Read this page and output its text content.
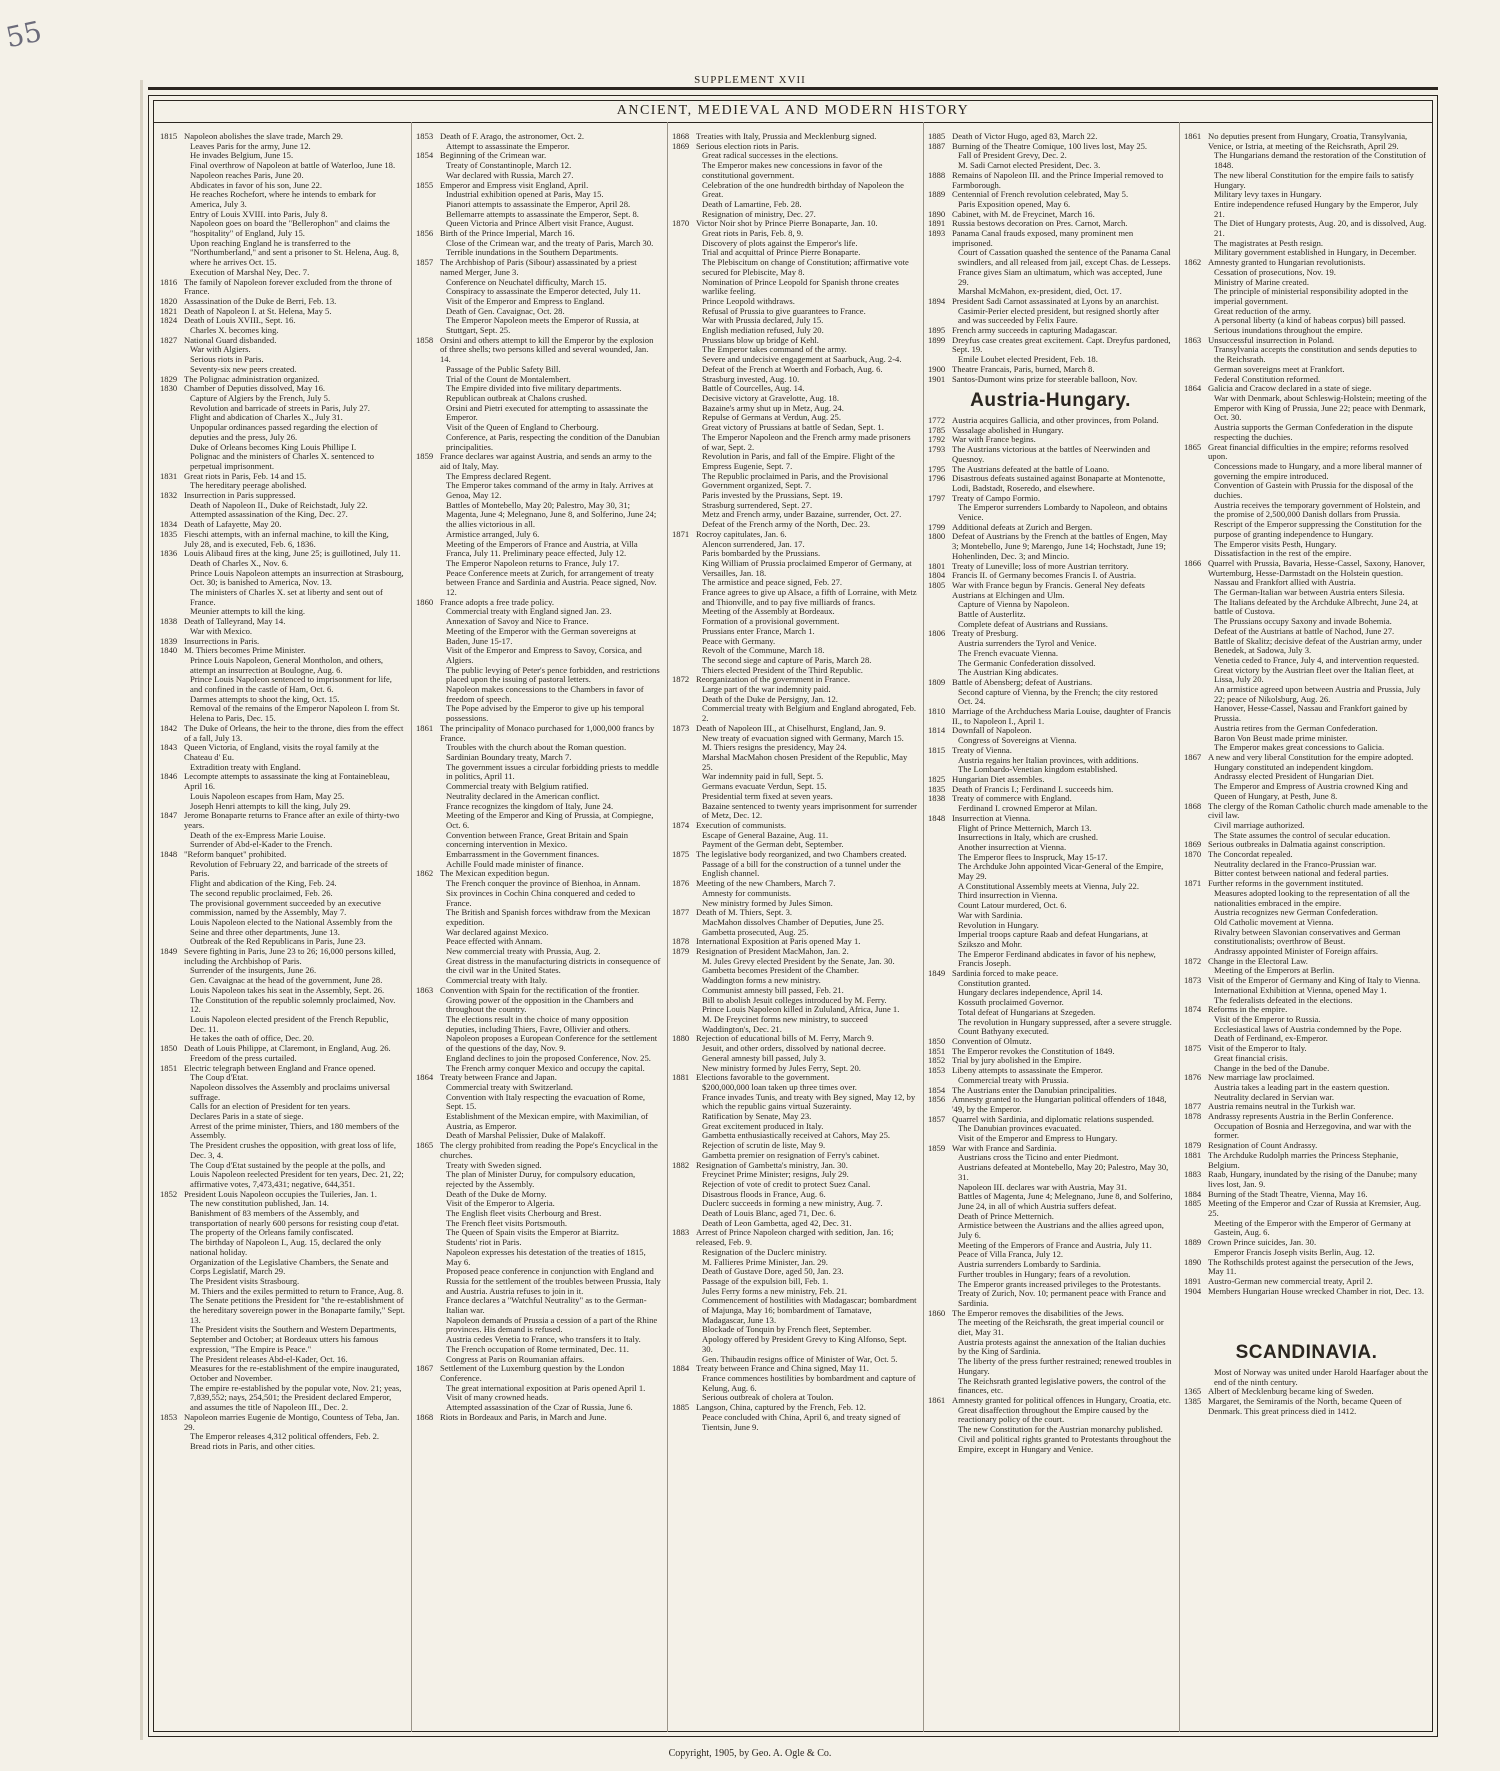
55
SUPPLEMENT XVII
ANCIENT, MEDIEVAL AND MODERN HISTORY
1815 Napoleon abolishes the slave trade, March 29.
Leaves Paris for the army, June 12.
He invades Belgium, June 15.
Final overthrow of Napoleon at battle of Waterloo, June 18.
Napoleon reaches Paris, June 20.
Abdicates in favor of his son, June 22.
He reaches Rochefort, where he intends to embark for America, July 3.
Entry of Louis XVIII. into Paris, July 8.
Napoleon goes on board the "Bellerophon" and claims the "hospitality" of England, July 15.
Upon reaching England he is transferred to the "Northumberland," and sent a prisoner to St. Helena, Aug. 8, where he arrives Oct. 15.
Execution of Marshal Ney, Dec. 7.
1816 The family of Napoleon forever excluded from the throne of France.
1820 Assassination of the Duke de Berri, Feb. 13.
1821 Death of Napoleon I. at St. Helena, May 5.
1824 Death of Louis XVIII., Sept. 16.
Charles X. becomes king.
1827 National Guard disbanded.
War with Algiers.
Serious riots in Paris.
Seventy-six new peers created.
1829 The Polignac administration organized.
1830 Chamber of Deputies dissolved, May 16.
Capture of Algiers by the French, July 5.
Revolution and barricade of streets in Paris, July 27.
Flight and abdication of Charles X., July 31.
Unpopular ordinances passed regarding the election of deputies and the press, July 26.
Duke of Orleans becomes King Louis Phillipe I.
Polignac and the ministers of Charles X. sentenced to perpetual imprisonment.
1831 Great riots in Paris, Feb. 14 and 15.
The hereditary peerage abolished.
1832 Insurrection in Paris suppressed.
Death of Napoleon II., Duke of Reichstadt, July 22.
Attempted assassination of the King, Dec. 27.
1834 Death of Lafayette, May 20.
1835 Fieschi attempts, with an infernal machine, to kill the King, July 28, and is executed, Feb. 6, 1836.
1836 Louis Alibaud fires at the king, June 25; is guillotined, July 11.
Death of Charles X., Nov. 6.
Prince Louis Napoleon attempts an insurrection at Strasbourg, Oct. 30; is banished to America, Nov. 13.
The ministers of Charles X. set at liberty and sent out of France.
Meunier attempts to kill the king.
1838 Death of Talleyrand, May 14.
War with Mexico.
1839 Insurrections in Paris.
1840 M. Thiers becomes Prime Minister.
Prince Louis Napoleon, General Montholon, and others, attempt an insurrection at Boulogne, Aug. 6.
Prince Louis Napoleon sentenced to imprisonment for life, and confined in the castle of Ham, Oct. 6.
Darmes attempts to shoot the king, Oct. 15.
Removal of the remains of the Emperor Napoleon I. from St. Helena to Paris, Dec. 15.
1842 The Duke of Orleans, the heir to the throne, dies from the effect of a fall, July 13.
1843 Queen Victoria, of England, visits the royal family at the Chateau d' Eu.
Extradition treaty with England.
1846 Lecompte attempts to assassinate the king at Fontainebleau, April 16.
Louis Napoleon escapes from Ham, May 25.
Joseph Henri attempts to kill the king, July 29.
1847 Jerome Bonaparte returns to France after an exile of thirty-two years.
Death of the ex-Empress Marie Louise.
Surrender of Abd-el-Kader to the French.
1848 "Reform banquet" prohibited.
Revolution of February 22, and barricade of the streets of Paris.
Flight and abdication of the King, Feb. 24.
The second republic proclaimed, Feb. 26.
The provisional government succeeded by an executive commission, named by the Assembly, May 7.
Louis Napoleon elected to the National Assembly from the Seine and three other departments, June 13.
Outbreak of the Red Republicans in Paris, June 23.
1849 Severe fighting in Paris, June 23 to 26; 16,000 persons killed, including the Archbishop of Paris.
Surrender of the insurgents, June 26.
Gen. Cavaignac at the head of the government, June 28.
Louis Napoleon takes his seat in the Assembly, Sept. 26.
The Constitution of the republic solemnly proclaimed, Nov. 12.
Louis Napoleon elected president of the French Republic, Dec. 11.
He takes the oath of office, Dec. 20.
1850 Death of Louis Philippe, at Claremont, in England, Aug. 26.
Freedom of the press curtailed.
1851 Electric telegraph between England and France opened.
The Coup d'Etat.
Napoleon dissolves the Assembly and proclaims universal suffrage.
Calls for an election of President for ten years.
Declares Paris in a state of siege.
Arrest of the prime minister, Thiers, and 180 members of the Assembly.
The President crushes the opposition, with great loss of life, Dec. 3, 4.
The Coup d'Etat sustained by the people at the polls, and Louis Napoleon reelected President for ten years, Dec. 21, 22; affirmative votes, 7,473,431; negative, 644,351.
1852 President Louis Napoleon occupies the Tuileries, Jan. 1.
The new constitution published, Jan. 14.
Banishment of 83 members of the Assembly, and transportation of nearly 600 persons for resisting coup d'etat.
The property of the Orleans family confiscated.
The birthday of Napoleon I., Aug. 15, declared the only national holiday.
Organization of the Legislative Chambers, the Senate and Corps Legislatif, March 29.
The President visits Strasbourg.
M. Thiers and the exiles permitted to return to France, Aug. 8.
The Senate petitions the President for "the re-establishment of the hereditary sovereign power in the Bonaparte family," Sept. 13.
The President visits the Southern and Western Departments, September and October; at Bordeaux utters his famous expression, "The Empire is Peace."
The President releases Abd-el-Kader, Oct. 16.
Measures for the re-establishment of the empire inaugurated, October and November.
The empire re-established by the popular vote, Nov. 21; yeas, 7,839,552; nays, 254,501; the President declared Emperor, and assumes the title of Napoleon III., Dec. 2.
1853 Napoleon marries Eugenie de Montigo, Countess of Teba, Jan. 29.
The Emperor releases 4,312 political offenders, Feb. 2.
Bread riots in Paris, and other cities.
1853 Death of F. Arago, the astronomer, Oct. 2.
Attempt to assassinate the Emperor.
1854 Beginning of the Crimean war.
Treaty of Constantinople, March 12.
War declared with Russia, March 27.
1855 Emperor and Empress visit England, April.
Industrial exhibition opened at Paris, May 15.
Pianori attempts to assassinate the Emperor, April 28.
Bellemarre attempts to assassinate the Emperor, Sept. 8.
Queen Victoria and Prince Albert visit France, August.
1856 Birth of the Prince Imperial, March 16.
Close of the Crimean war, and the treaty of Paris, March 30.
Terrible inundations in the Southern Departments.
1857 The Archbishop of Paris (Sibour) assassinated by a priest named Merger, June 3.
Conference on Neuchatel difficulty, March 15.
Conspiracy to assassinate the Emperor detected, July 11.
Visit of the Emperor and Empress to England.
Death of Gen. Cavaignac, Oct. 28.
The Emperor Napoleon meets the Emperor of Russia, at Stuttgart, Sept. 25.
1858 Orsini and others attempt to kill the Emperor by the explosion of three shells; two persons killed and several wounded, Jan. 14.
Passage of the Public Safety Bill.
Trial of the Count de Montalembert.
The Empire divided into five military departments.
Republican outbreak at Chalons crushed.
Orsini and Pietri executed for attempting to assassinate the Emperor.
Visit of the Queen of England to Cherbourg.
Conference, at Paris, respecting the condition of the Danubian principalities.
1859 France declares war against Austria, and sends an army to the aid of Italy, May.
The Empress declared Regent.
The Emperor takes command of the army in Italy. Arrives at Genoa, May 12.
Battles of Montebello, May 20; Palestro, May 30, 31; Magenta, June 4; Melegnano, June 8, and Solferino, June 24; the allies victorious in all.
Armistice arranged, July 6.
Meeting of the Emperors of France and Austria, at Villa Franca, July 11. Preliminary peace effected, July 12.
The Emperor Napoleon returns to France, July 17.
Peace Conference meets at Zurich, for arrangement of treaty between France and Sardinia and Austria. Peace signed, Nov. 12.
1860 France adopts a free trade policy.
Commercial treaty with England signed Jan. 23.
Annexation of Savoy and Nice to France.
Meeting of the Emperor with the German sovereigns at Baden, June 15-17.
Visit of the Emperor and Empress to Savoy, Corsica, and Algiers.
The public levying of Peter's pence forbidden, and restrictions placed upon the issuing of pastoral letters.
Napoleon makes concessions to the Chambers in favor of freedom of speech.
The Pope advised by the Emperor to give up his temporal possessions.
1861 The principality of Monaco purchased for 1,000,000 francs by France.
Troubles with the church about the Roman question.
Sardinian Boundary treaty, March 7.
The government issues a circular forbidding priests to meddle in politics, April 11.
Commercial treaty with Belgium ratified.
Neutrality declared in the American conflict.
France recognizes the kingdom of Italy, June 24.
Meeting of the Emperor and King of Prussia, at Compiegne, Oct. 6.
Convention between France, Great Britain and Spain concerning intervention in Mexico.
Embarrassment in the Government finances.
Achille Fould made minister of finance.
1862 The Mexican expedition begun.
The French conquer the province of Bienhoa, in Annam.
Six provinces in Cochin China conquered and ceded to France.
The British and Spanish forces withdraw from the Mexican expedition.
War declared against Mexico.
Peace effected with Annam.
New commercial treaty with Prussia, Aug. 2.
Great distress in the manufacturing districts in consequence of the civil war in the United States.
Commercial treaty with Italy.
1863 Convention with Spain for the rectification of the frontier.
Growing power of the opposition in the Chambers and throughout the country.
The elections result in the choice of many opposition deputies, including Thiers, Favre, Ollivier and others.
Napoleon proposes a European Conference for the settlement of the questions of the day, Nov. 9.
England declines to join the proposed Conference, Nov. 25. The French army conquer Mexico and occupy the capital.
1864 Treaty between France and Japan.
Commercial treaty with Switzerland.
Convention with Italy respecting the evacuation of Rome, Sept. 15.
Establishment of the Mexican empire, with Maximilian, of Austria, as Emperor.
Death of Marshal Pelissier, Duke of Malakoff.
1865 The clergy prohibited from reading the Pope's Encyclical in the churches.
Treaty with Sweden signed.
The plan of Minister Duruy, for compulsory education, rejected by the Assembly.
Death of the Duke de Morny.
Visit of the Emperor to Algeria.
The English fleet visits Cherbourg and Brest.
The French fleet visits Portsmouth.
The Queen of Spain visits the Emperor at Biarritz.
Students' riot in Paris.
Napoleon expresses his detestation of the treaties of 1815, May 6.
Proposed peace conference in conjunction with England and Russia for the settlement of the troubles between Prussia, Italy and Austria. Austria refuses to join in it.
France declares a "Watchful Neutrality" as to the German-Italian war.
Napoleon demands of Prussia a cession of a part of the Rhine provinces. His demand is refused.
Austria cedes Venetia to France, who transfers it to Italy.
The French occupation of Rome terminated, Dec. 11.
Congress at Paris on Roumanian affairs.
1867 Settlement of the Luxemburg question by the London Conference.
The great international exposition at Paris opened April 1. Visit of many crowned heads.
Attempted assassination of the Czar of Russia, June 6.
1868 Riots in Bordeaux and Paris, in March and June.
1868 Treaties with Italy, Prussia and Mecklenburg signed.
1869 Serious election riots in Paris.
Great radical successes in the elections.
The Emperor makes new concessions in favor of the constitutional government.
Celebration of the one hundredth birthday of Napoleon the Great.
Death of Lamartine, Feb. 28.
Resignation of ministry, Dec. 27.
1870 Victor Noir shot by Prince Pierre Bonaparte, Jan. 10.
Great riots in Paris, Feb. 8, 9.
Discovery of plots against the Emperor's life.
Trial and acquittal of Prince Pierre Bonaparte.
The Plebiscitum on change of Constitution; affirmative vote secured for Plebiscite, May 8.
Nomination of Prince Leopold for Spanish throne creates warlike feeling.
Prince Leopold withdraws.
Refusal of Prussia to give guarantees to France.
War with Prussia declared, July 15.
English mediation refused, July 20.
Prussians blow up bridge of Kehl.
The Emperor takes command of the army.
Severe and undecisive engagement at Saarbuck, Aug. 2-4.
Defeat of the French at Woerth and Forbach, Aug. 6.
Strasburg invested, Aug. 10.
Battle of Courcelles, Aug. 14.
Decisive victory at Gravelotte, Aug. 18.
Bazaine's army shut up in Metz, Aug. 24.
Repulse of Germans at Verdun, Aug. 25.
Great victory of Prussians at battle of Sedan, Sept. 1.
The Emperor Napoleon and the French army made prisoners of war, Sept. 2.
Revolution in Paris, and fall of the Empire. Flight of the Empress Eugenie, Sept. 7.
The Republic proclaimed in Paris, and the Provisional Government organized, Sept. 7.
Paris invested by the Prussians, Sept. 19.
Strasburg surrendered, Sept. 27.
Metz and French army, under Bazaine, surrender, Oct. 27.
Defeat of the French army of the North, Dec. 23.
1871 Rocroy capitulates, Jan. 6.
Alencon surrendered, Jan. 17.
Paris bombarded by the Prussians.
King William of Prussia proclaimed Emperor of Germany, at Versailles, Jan. 18.
The armistice and peace signed, Feb. 27.
France agrees to give up Alsace, a fifth of Lorraine, with Metz and Thionville, and to pay five milliards of francs.
Meeting of the Assembly at Bordeaux.
Formation of a provisional government.
Prussians enter France, March 1.
Peace with Germany.
Revolt of the Commune, March 18.
The second siege and capture of Paris, March 28.
Thiers elected President of the Third Republic.
1872 Reorganization of the government in France.
Large part of the war indemnity paid.
Death of the Duke de Persigny, Jan. 12.
Commercial treaty with Belgium and England abrogated, Feb. 2.
1873 Death of Napoleon III., at Chiselhurst, England, Jan. 9.
New treaty of evacuation signed with Germany, March 15.
M. Thiers resigns the presidency, May 24.
Marshal MacMahon chosen President of the Republic, May 25.
War indemnity paid in full, Sept. 5.
Germans evacuate Verdun, Sept. 15.
Presidential term fixed at seven years.
Bazaine sentenced to twenty years imprisonment for surrender of Metz, Dec. 12.
1874 Execution of communists.
Escape of General Bazaine, Aug. 11.
Payment of the German debt, September.
1875 The legislative body reorganized, and two Chambers created.
Passage of a bill for the construction of a tunnel under the English channel.
1876 Meeting of the new Chambers, March 7.
Amnesty for communists.
New ministry formed by Jules Simon.
1877 Death of M. Thiers, Sept. 3.
MacMahon dissolves Chamber of Deputies, June 25.
Gambetta prosecuted, Aug. 25.
1878 International Exposition at Paris opened May 1.
1879 Resignation of President MacMahon, Jan. 2.
M. Jules Grevy elected President by the Senate, Jan. 30.
Gambetta becomes President of the Chamber.
Waddington forms a new ministry.
Communist amnesty bill passed, Feb. 21.
Bill to abolish Jesuit colleges introduced by M. Ferry.
Prince Louis Napoleon killed in Zululand, Africa, June 1.
M. De Freycinet forms new ministry, to succeed Waddington's, Dec. 21.
1880 Rejection of educational bills of M. Ferry, March 9.
Jesuit, and other orders, dissolved by national decree.
General amnesty bill passed, July 3.
New ministry formed by Jules Ferry, Sept. 20.
1881 Elections favorable to the government.
$200,000,000 loan taken up three times over.
France invades Tunis, and treaty with Bey signed, May 12, by which the republic gains virtual Suzerainty.
Ratification by Senate, May 23.
Great excitement produced in Italy.
Gambetta enthusiastically received at Cahors, May 25.
Rejection of scrutin de liste, May 9.
Gambetta premier on resignation of Ferry's cabinet.
1882 Resignation of Gambetta's ministry, Jan. 30.
Freycinet Prime Minister; resigns, July 29.
Rejection of vote of credit to protect Suez Canal.
Disastrous floods in France, Aug. 6.
Duclerc succeeds in forming a new ministry, Aug. 7.
Death of Louis Blanc, aged 71, Dec. 6.
Death of Leon Gambetta, aged 42, Dec. 31.
1883 Arrest of Prince Napoleon charged with sedition, Jan. 16; released, Feb. 9.
Resignation of the Duclerc ministry.
M. Fallieres Prime Minister, Jan. 29.
Death of Gustave Dore, aged 50, Jan. 23.
Passage of the expulsion bill, Feb. 1.
Jules Ferry forms a new ministry, Feb. 21.
Commencement of hostilities with Madagascar; bombardment of Majunga, May 16; bombardment of Tamatave, Madagascar, June 13.
Blockade of Tonquin by French fleet, September.
Apology offered by President Grevy to King Alfonso, Sept. 30.
Gen. Thibaudin resigns office of Minister of War, Oct. 5.
1884 Treaty between France and China signed, May 11.
France commences hostilities by bombardment and capture of Kelung, Aug. 6.
Serious outbreak of cholera at Toulon.
1885 Langson, China, captured by the French, Feb. 12.
Peace concluded with China, April 6, and treaty signed of Tientsin, June 9.
1885 Death of Victor Hugo, aged 83, March 22.
1887 Burning of the Theatre Comique, 100 lives lost, May 25.
Fall of President Grevy, Dec. 2.
M. Sadi Carnot elected President, Dec. 3.
1888 Remains of Napoleon III. and the Prince Imperial removed to Farmborough.
1889 Centennial of French revolution celebrated, May 5.
Paris Exposition opened, May 6.
1890 Cabinet, with M. de Freycinet, March 16.
1891 Russia bestows decoration on Pres. Carnot, March.
1893 Panama Canal frauds exposed, many prominent men imprisoned.
Court of Cassation quashed the sentence of the Panama Canal swindlers, and all released from jail, except Chas. de Lesseps.
France gives Siam an ultimatum, which was accepted, June 29.
Marshal McMahon, ex-president, died, Oct. 17.
1894 President Sadi Carnot assassinated at Lyons by an anarchist.
Casimir-Perier elected president, but resigned shortly after and was succeeded by Felix Faure.
1895 French army succeeds in capturing Madagascar.
1899 Dreyfus case creates great excitement. Capt. Dreyfus pardoned, Sept. 19.
Emile Loubet elected President, Feb. 18.
1900 Theatre Francais, Paris, burned, March 8.
1901 Santos-Dumont wins prize for steerable balloon, Nov.
Austria-Hungary.
1772 Austria acquires Gallicia, and other provinces, from Poland.
1785 Vassalage abolished in Hungary.
1792 War with France begins.
1793 The Austrians victorious at the battles of Neerwinden and Quesnoy.
1795 The Austrians defeated at the battle of Loano.
1796 Disastrous defeats sustained against Bonaparte at Montenotte, Lodi, Badstadt, Roseredo, and elsewhere.
1797 Treaty of Campo Formio.
The Emperor surrenders Lombardy to Napoleon, and obtains Venice.
1799 Additional defeats at Zurich and Bergen.
1800 Defeat of Austrians by the French at the battles of Engen, May 3; Montebello, June 9; Marengo, June 14; Hochstadt, June 19; Hohenlinden, Dec. 3; and Mincio.
1801 Treaty of Luneville; loss of more Austrian territory.
1804 Francis II. of Germany becomes Francis I. of Austria.
1805 War with France begun by Francis. General Ney defeats Austrians at Elchingen and Ulm.
Capture of Vienna by Napoleon.
Battle of Austerlitz.
Complete defeat of Austrians and Russians.
1806 Treaty of Presburg.
Austria surrenders the Tyrol and Venice.
The French evacuate Vienna.
The Germanic Confederation dissolved.
The Austrian King abdicates.
1809 Battle of Abensberg; defeat of Austrians.
Second capture of Vienna, by the French; the city restored Oct. 24.
1810 Marriage of the Archduchess Maria Louise, daughter of Francis II., to Napoleon I., April 1.
1814 Downfall of Napoleon.
Congress of Sovereigns at Vienna.
1815 Treaty of Vienna.
Austria regains her Italian provinces, with additions.
The Lombardo-Venetian kingdom established.
1825 Hungarian Diet assembles.
1835 Death of Francis I.; Ferdinand I. succeeds him.
1838 Treaty of commerce with England.
Ferdinand I. crowned Emperor at Milan.
1848 Insurrection at Vienna.
Flight of Prince Metternich, March 13.
Insurrections in Italy, which are crushed.
Another insurrection at Vienna.
The Emperor flees to Inspruck, May 15-17.
The Archduke John appointed Vicar-General of the Empire, May 29.
A Constitutional Assembly meets at Vienna, July 22.
Third insurrection in Vienna.
Count Latour murdered, Oct. 6.
War with Sardinia.
Revolution in Hungary.
Imperial troops capture Raab and defeat Hungarians, at Szikszo and Mohr.
The Emperor Ferdinand abdicates in favor of his nephew, Francis Joseph.
1849 Sardinia forced to make peace.
Constitution granted.
Hungary declares independence, April 14.
Kossuth proclaimed Governor.
Total defeat of Hungarians at Szegeden.
The revolution in Hungary suppressed, after a severe struggle.
Count Bathyany executed.
1850 Convention of Olmutz.
1851 The Emperor revokes the Constitution of 1849.
1852 Trial by jury abolished in the Empire.
1853 Libeny attempts to assassinate the Emperor.
Commercial treaty with Prussia.
1854 The Austrians enter the Danubian principalities.
1856 Amnesty granted to the Hungarian political offenders of 1848, '49, by the Emperor.
1857 Quarrel with Sardinia, and diplomatic relations suspended.
The Danubian provinces evacuated.
Visit of the Emperor and Empress to Hungary.
1859 War with France and Sardinia.
Austrians cross the Ticino and enter Piedmont.
Austrians defeated at Montebello, May 20; Palestro, May 30, 31.
Napoleon III. declares war with Austria, May 31.
Battles of Magenta, June 4; Melegnano, June 8, and Solferino, June 24, in all of which Austria suffers defeat.
Death of Prince Metternich.
Armistice between the Austrians and the allies agreed upon, July 6.
Meeting of the Emperors of France and Austria, July 11.
Peace of Villa Franca, July 12.
Austria surrenders Lombardy to Sardinia.
Further troubles in Hungary; fears of a revolution.
The Emperor grants increased privileges to the Protestants.
Treaty of Zurich, Nov. 10; permanent peace with France and Sardinia.
1860 The Emperor removes the disabilities of the Jews.
The meeting of the Reichsrath, the great imperial council or diet, May 31.
Austria protests against the annexation of the Italian duchies by the King of Sardinia.
The liberty of the press further restrained; renewed troubles in Hungary.
The Reichsrath granted legislative powers, the control of the finances, etc.
1861 Amnesty granted for political offences in Hungary, Croatia, etc.
Great disaffection throughout the Empire caused by the reactionary policy of the court.
The new Constitution for the Austrian monarchy published.
Civil and political rights granted to Protestants throughout the Empire, except in Hungary and Venice.
1861 No deputies present from Hungary, Croatia, Transylvania, Venice, or Istria, at meeting of the Reichsrath, April 29.
The Hungarians demand the restoration of the Constitution of 1848.
The new liberal Constitution for the empire fails to satisfy Hungary.
Military levy taxes in Hungary.
Entire independence refused Hungary by the Emperor, July 21.
The Diet of Hungary protests, Aug. 20, and is dissolved, Aug. 21.
The magistrates at Pesth resign.
Military government established in Hungary, in December.
1862 Amnesty granted to Hungarian revolutionists.
Cessation of prosecutions, Nov. 19.
Ministry of Marine created.
The principle of ministerial responsibility adopted in the imperial government.
Great reduction of the army.
A personal liberty (a kind of habeas corpus) bill passed.
Serious inundations throughout the empire.
1863 Unsuccessful insurrection in Poland.
Transylvania accepts the constitution and sends deputies to the Reichsrath.
German sovereigns meet at Frankfort.
Federal Constitution reformed.
1864 Galicia and Cracow declared in a state of siege.
War with Denmark, about Schleswig-Holstein; meeting of the Emperor with King of Prussia, June 22; peace with Denmark, Oct. 30.
Austria supports the German Confederation in the dispute respecting the duchies.
1865 Great financial difficulties in the empire; reforms resolved upon.
Concessions made to Hungary, and a more liberal manner of governing the empire introduced.
Convention of Gastein with Prussia for the disposal of the duchies.
Austria receives the temporary government of Holstein, and the promise of 2,500,000 Danish dollars from Prussia.
Rescript of the Emperor suppressing the Constitution for the purpose of granting independence to Hungary.
The Emperor visits Pesth, Hungary.
Dissatisfaction in the rest of the empire.
1866 Quarrel with Prussia, Bavaria, Hesse-Cassel, Saxony, Hanover, Wurtemburg, Hesse-Darmstadt on the Holstein question.
Nassau and Frankfort allied with Austria.
The German-Italian war between Austria enters Silesia.
The Italians defeated by the Archduke Albrecht, June 24, at battle of Custova.
The Prussians occupy Saxony and invade Bohemia.
Defeat of the Austrians at battle of Nachod, June 27.
Battle of Skalitz; decisive defeat of the Austrian army, under Benedek, at Sadowa, July 3.
Venetia ceded to France, July 4, and intervention requested.
Great victory by the Austrian fleet over the Italian fleet, at Lissa, July 20.
An armistice agreed upon between Austria and Prussia, July 22; peace of Nikolsburg, Aug. 26.
Hanover, Hesse-Cassel, Nassau and Frankfort gained by Prussia.
Austria retires from the German Confederation.
Baron Von Beust made prime minister.
The Emperor makes great concessions to Galicia.
1867 A new and very liberal Constitution for the empire adopted.
Hungary constituted an independent kingdom.
Andrassy elected President of Hungarian Diet.
The Emperor and Empress of Austria crowned King and Queen of Hungary, at Pesth, June 8.
1868 The clergy of the Roman Catholic church made amenable to the civil law.
Civil marriage authorized.
The State assumes the control of secular education.
1869 Serious outbreaks in Dalmatia against conscription.
1870 The Concordat repealed.
Neutrality declared in the Franco-Prussian war.
Bitter contest between national and federal parties.
1871 Further reforms in the government instituted.
Measures adopted looking to the representation of all the nationalities embraced in the empire.
Austria recognizes new German Confederation.
Old Catholic movement at Vienna.
Rivalry between Slavonian conservatives and German constitutionalists; overthrow of Beust.
Andrassy appointed Minister of Foreign affairs.
1872 Change in the Electoral Law.
Meeting of the Emperors at Berlin.
1873 Visit of the Emperor of Germany and King of Italy to Vienna.
International Exhibition at Vienna, opened May 1.
The federalists defeated in the elections.
1874 Reforms in the empire.
Visit of the Emperor to Russia.
Ecclesiastical laws of Austria condemned by the Pope.
Death of Ferdinand, ex-Emperor.
1875 Visit of the Emperor to Italy.
Great financial crisis.
Change in the bed of the Danube.
1876 New marriage law proclaimed.
Austria takes a leading part in the eastern question.
Neutrality declared in Servian war.
1877 Austria remains neutral in the Turkish war.
1878 Andrassy represents Austria in the Berlin Conference.
Occupation of Bosnia and Herzegovina, and war with the former.
1879 Resignation of Count Andrassy.
1881 The Archduke Rudolph marries the Princess Stephanie, Belgium.
1883 Raab, Hungary, inundated by the rising of the Danube; many lives lost, Jan. 9.
1884 Burning of the Stadt Theatre, Vienna, May 16.
1885 Meeting of the Emperor and Czar of Russia at Kremsier, Aug. 25.
Meeting of the Emperor with the Emperor of Germany at Gastein, Aug. 6.
1889 Crown Prince suicides, Jan. 30.
Emperor Francis Joseph visits Berlin, Aug. 12.
1890 The Rothschilds protest against the persecution of the Jews, May 11.
1891 Austro-German new commercial treaty, April 2.
1904 Members Hungarian House wrecked Chamber in riot, Dec. 13.
SCANDINAVIA.
Most of Norway was united under Harold Haarfager about the end of the ninth century.
1365 Albert of Mecklenburg became king of Sweden.
1385 Margaret, the Semiramis of the North, became Queen of Denmark. This great princess died in 1412.
Copyright, 1905, by Geo. A. Ogle & Co.
